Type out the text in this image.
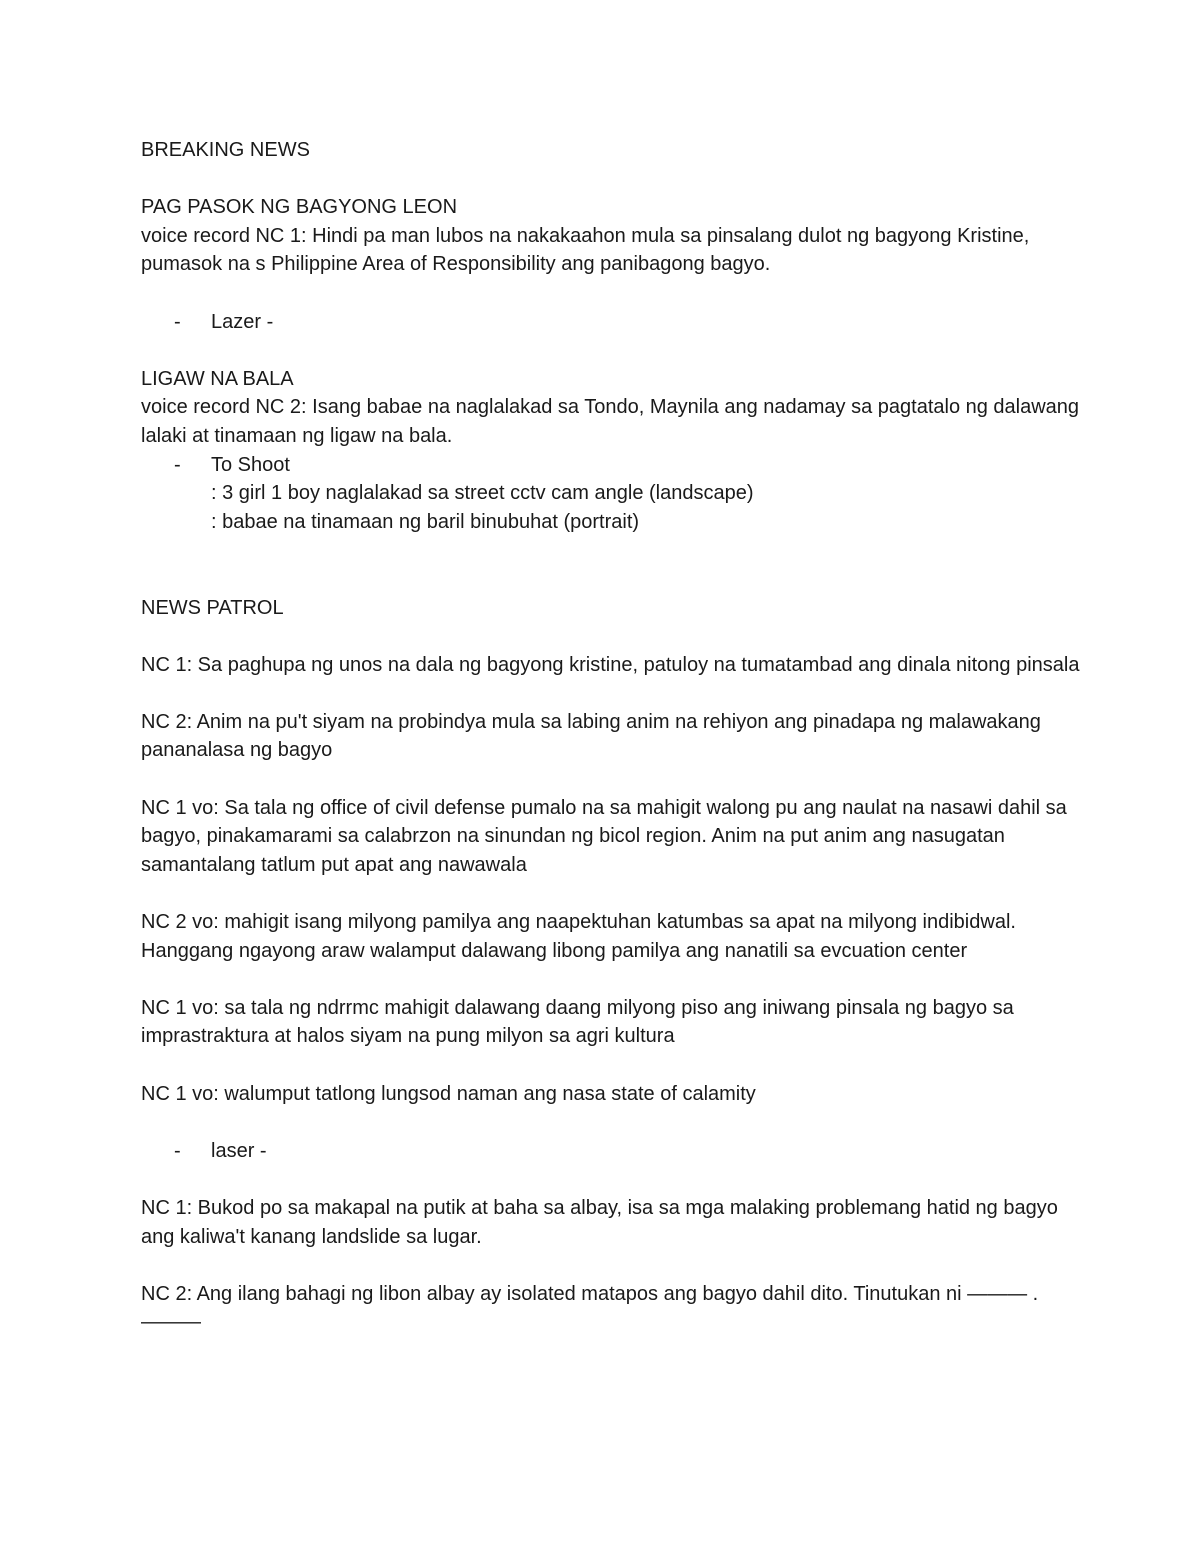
BREAKING NEWS

PAG PASOK NG BAGYONG LEON

voice record NC 1: Hindi pa man lubos na nakakaahon mula sa pinsalang dulot ng bagyong Kristine, pumasok na s Philippine Area of Responsibility ang panibagong bagyo.

- Lazer -

LIGAW NA BALA

voice record NC 2: Isang babae na naglalakad sa Tondo, Maynila ang nadamay sa pagtatalo ng dalawang lalaki at tinamaan ng ligaw na bala.

- To Shoot

: 3 girl 1 boy naglalakad sa street cctv cam angle (landscape)

: babae na tinamaan ng baril binubuhat (portrait)

NEWS PATROL

NC 1: Sa paghupa ng unos na dala ng bagyong kristine, patuloy na tumatambad ang dinala nitong pinsala

NC 2: Anim na pu't siyam na probindya mula sa labing anim na rehiyon ang pinadapa ng malawakang pananalasa ng bagyo

NC 1 vo: Sa tala ng office of civil defense pumalo na sa mahigit walong pu ang naulat na nasawi dahil sa bagyo, pinakamarami sa calabrzon na sinundan ng bicol region. Anim na put anim ang nasugatan samantalang tatlum put apat ang nawawala

NC 2 vo: mahigit isang milyong pamilya ang naapektuhan katumbas sa apat na milyong indibidwal. Hanggang ngayong araw walamput dalawang libong pamilya ang nanatili sa evcuation center

NC 1 vo: sa tala ng ndrrmc mahigit dalawang daang milyong piso ang iniwang pinsala ng bagyo sa imprastraktura at halos siyam na pung milyon sa agri kultura

NC 1 vo: walumput tatlong lungsod naman ang nasa state of calamity

- laser -

NC 1: Bukod po sa makapal na putik at baha sa albay, isa sa mga malaking problemang hatid ng bagyo ang kaliwa't kanang landslide sa lugar.

NC 2: Ang ilang bahagi ng libon albay ay isolated matapos ang bagyo dahil dito. Tinutukan ni ——— . ———
